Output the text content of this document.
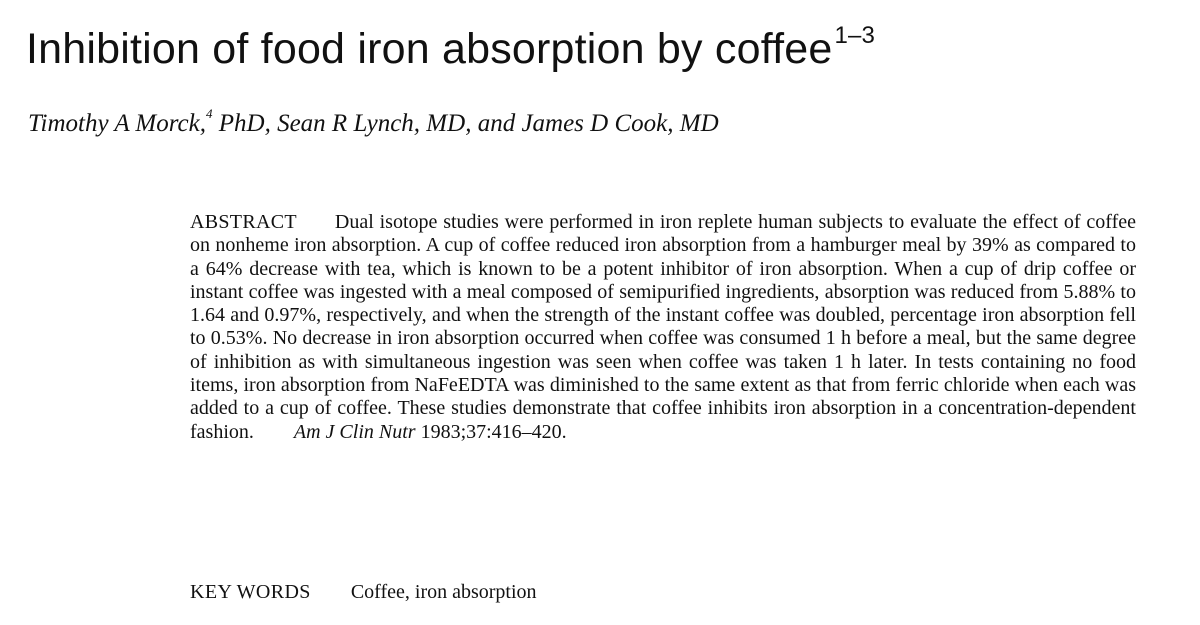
Inhibition of food iron absorption by coffee$^{1-3}$

Timothy A Morck,$^4$ PhD, Sean R Lynch, MD, and James D Cook, MD

ABSTRACT Dual isotope studies were performed in iron replete human subjects to evaluate the effect of coffee on nonheme iron absorption. A cup of coffee reduced iron absorption from a hamburger meal by 39% as compared to a 64% decrease with tea, which is known to be a potent inhibitor of iron absorption. When a cup of drip coffee or instant coffee was ingested with a meal composed of semipurified ingredients, absorption was reduced from 5.88% to 1.64 and 0.97%, respectively, and when the strength of the instant coffee was doubled, percentage iron absorption fell to 0.53%. No decrease in iron absorption occurred when coffee was consumed 1 h before a meal, but the same degree of inhibition as with simultaneous ingestion was seen when coffee was taken 1 h later. In tests containing no food items, iron absorption from NaFeEDTA was diminished to the same extent as that from ferric chloride when each was added to a cup of coffee. These studies demonstrate that coffee inhibits iron absorption in a concentration-dependent fashion. Am J Clin Nutr 1983;37:416–420.

KEY WORDS Coffee, iron absorption
